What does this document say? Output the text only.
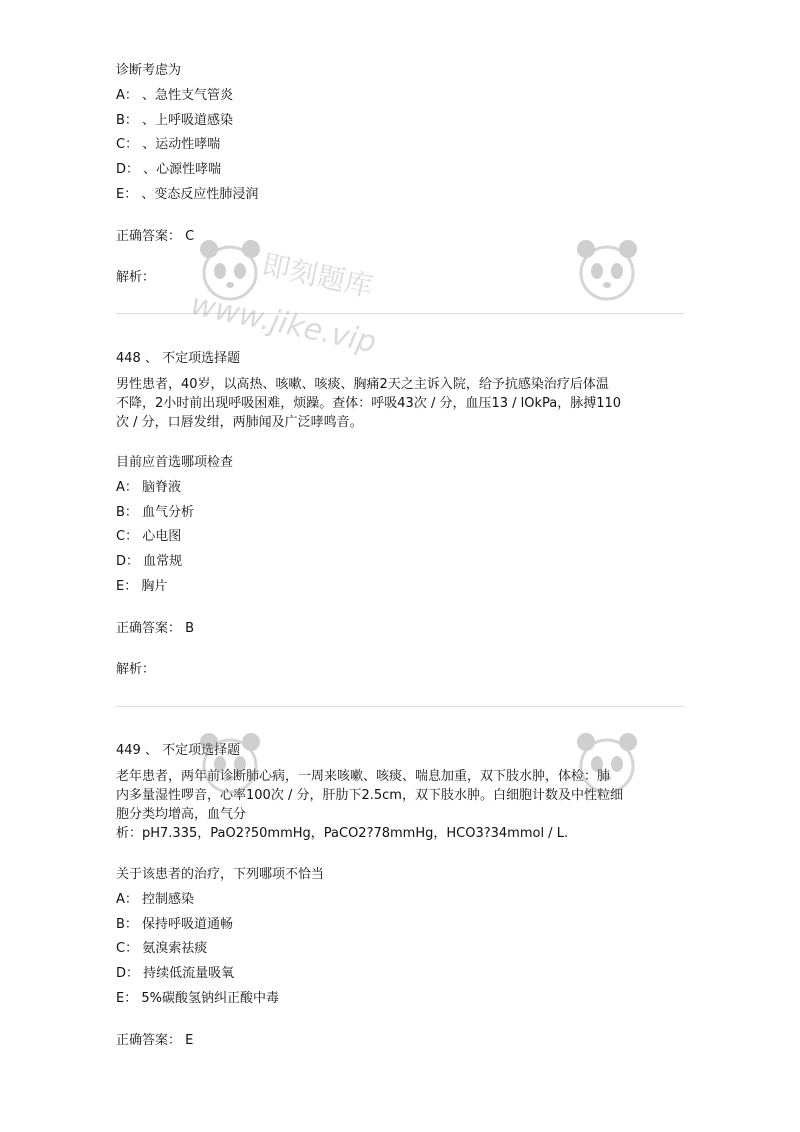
诊断考虑为
A： 、急性支气管炎
B： 、上呼吸道感染
C： 、运动性哮喘
D： 、心源性哮喘
E： 、变态反应性肺浸润
正确答案： C
解析：
448 、 不定项选择题
男性患者，40岁，以高热、咳嗽、咳痰、胸痛2天之主诉入院，给予抗感染治疗后体温
不降，2小时前出现呼吸困难，烦躁。查体：呼吸43次 / 分，血压13 / lOkPa，脉搏110
次 / 分，口唇发绀，两肺闻及广泛哮鸣音。
目前应首选哪项检查
A： 脑脊液
B： 血气分析
C： 心电图
D： 血常规
E： 胸片
正确答案： B
解析：
449 、 不定项选择题
老年患者，两年前诊断肺心病，一周来咳嗽、咳痰、喘息加重，双下肢水肿，体检：肺
内多量湿性啰音，心率100次 / 分，肝肋下2.5cm，双下肢水肿。白细胞计数及中性粒细
胞分类均增高，血气分
析：pH7.335，PaO2?50mmHg，PaCO2?78mmHg，HCO3?34mmol / L.
关于该患者的治疗，下列哪项不恰当
A： 控制感染
B： 保持呼吸道通畅
C： 氨溴索祛痰
D： 持续低流量吸氧
E： 5%碳酸氢钠纠正酸中毒
正确答案： E
即刻题库
www.jike.vip
